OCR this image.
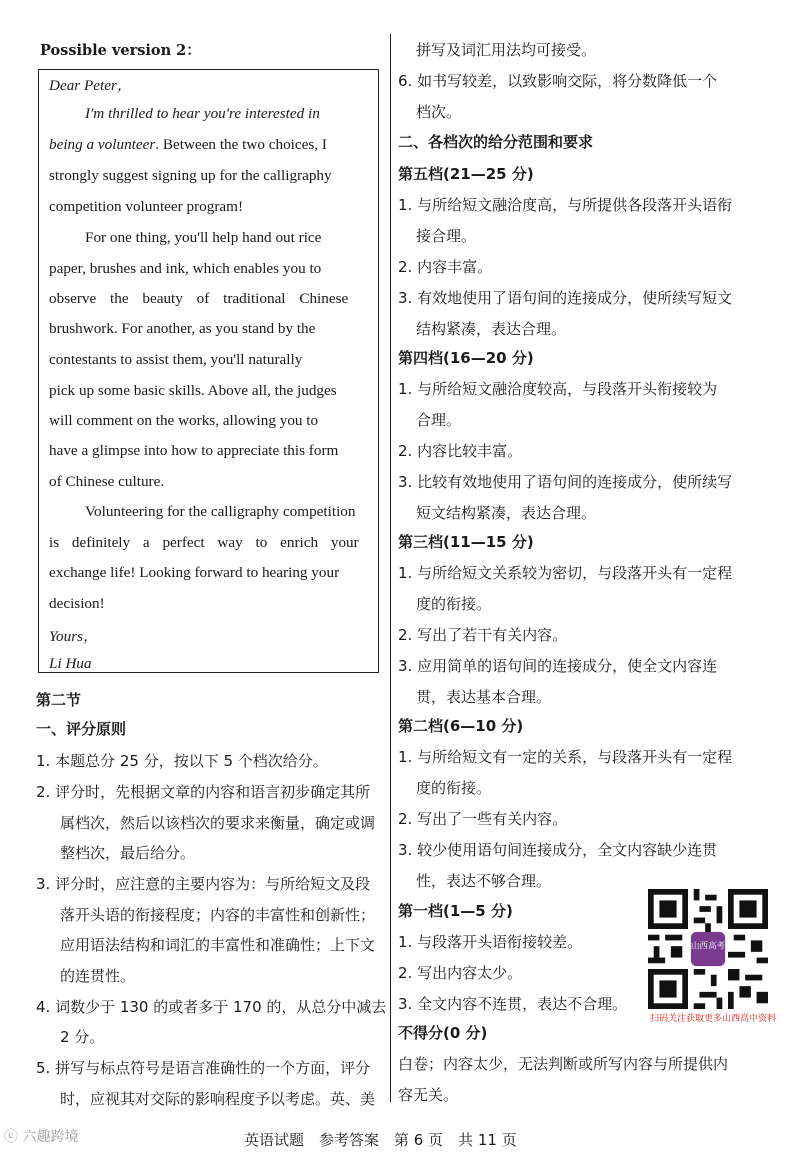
Possible version 2：
Dear Peter，
I'm thrilled to hear you're interested in
being a volunteer. Between the two choices, I
strongly suggest signing up for the calligraphy
competition volunteer program!
For one thing, you'll help hand out rice
paper, brushes and ink, which enables you to
observe the beauty of traditional Chinese
brushwork. For another, as you stand by the
contestants to assist them, you'll naturally
pick up some basic skills. Above all, the judges
will comment on the works, allowing you to
have a glimpse into how to appreciate this form
of Chinese culture.
Volunteering for the calligraphy competition
is definitely a perfect way to enrich your
exchange life! Looking forward to hearing your
decision!
Yours，
Li Hua
第二节
一、评分原则
1. 本题总分 25 分，按以下 5 个档次给分。
2. 评分时，先根据文章的内容和语言初步确定其所
属档次，然后以该档次的要求来衡量，确定或调
整档次，最后给分。
3. 评分时，应注意的主要内容为：与所给短文及段
落开头语的衔接程度；内容的丰富性和创新性；
应用语法结构和词汇的丰富性和准确性；上下文
的连贯性。
4. 词数少于 130 的或者多于 170 的，从总分中减去
2 分。
5. 拼写与标点符号是语言准确性的一个方面，评分
时，应视其对交际的影响程度予以考虑。英、美
拼写及词汇用法均可接受。
6. 如书写较差，以致影响交际，将分数降低一个
档次。
二、各档次的给分范围和要求
第五档(21—25 分)
1. 与所给短文融洽度高，与所提供各段落开头语衔
接合理。
2. 内容丰富。
3. 有效地使用了语句间的连接成分，使所续写短文
结构紧凑，表达合理。
第四档(16—20 分)
1. 与所给短文融洽度较高，与段落开头衔接较为
合理。
2. 内容比较丰富。
3. 比较有效地使用了语句间的连接成分，使所续写
短文结构紧凑，表达合理。
第三档(11—15 分)
1. 与所给短文关系较为密切，与段落开头有一定程
度的衔接。
2. 写出了若干有关内容。
3. 应用简单的语句间的连接成分，使全文内容连
贯，表达基本合理。
第二档(6—10 分)
1. 与所给短文有一定的关系，与段落开头有一定程
度的衔接。
2. 写出了一些有关内容。
3. 较少使用语句间连接成分，全文内容缺少连贯
性，表达不够合理。
第一档(1—5 分)
1. 与段落开头语衔接较差。
2. 写出内容太少。
3. 全文内容不连贯，表达不合理。
不得分(0 分)
白卷；内容太少，无法判断或所写内容与所提供内
容无关。
山西高考
扫码关注获取更多山西高中资料
英语试题　参考答案　第 6 页　共 11 页
ⓒ 六趣跨境
